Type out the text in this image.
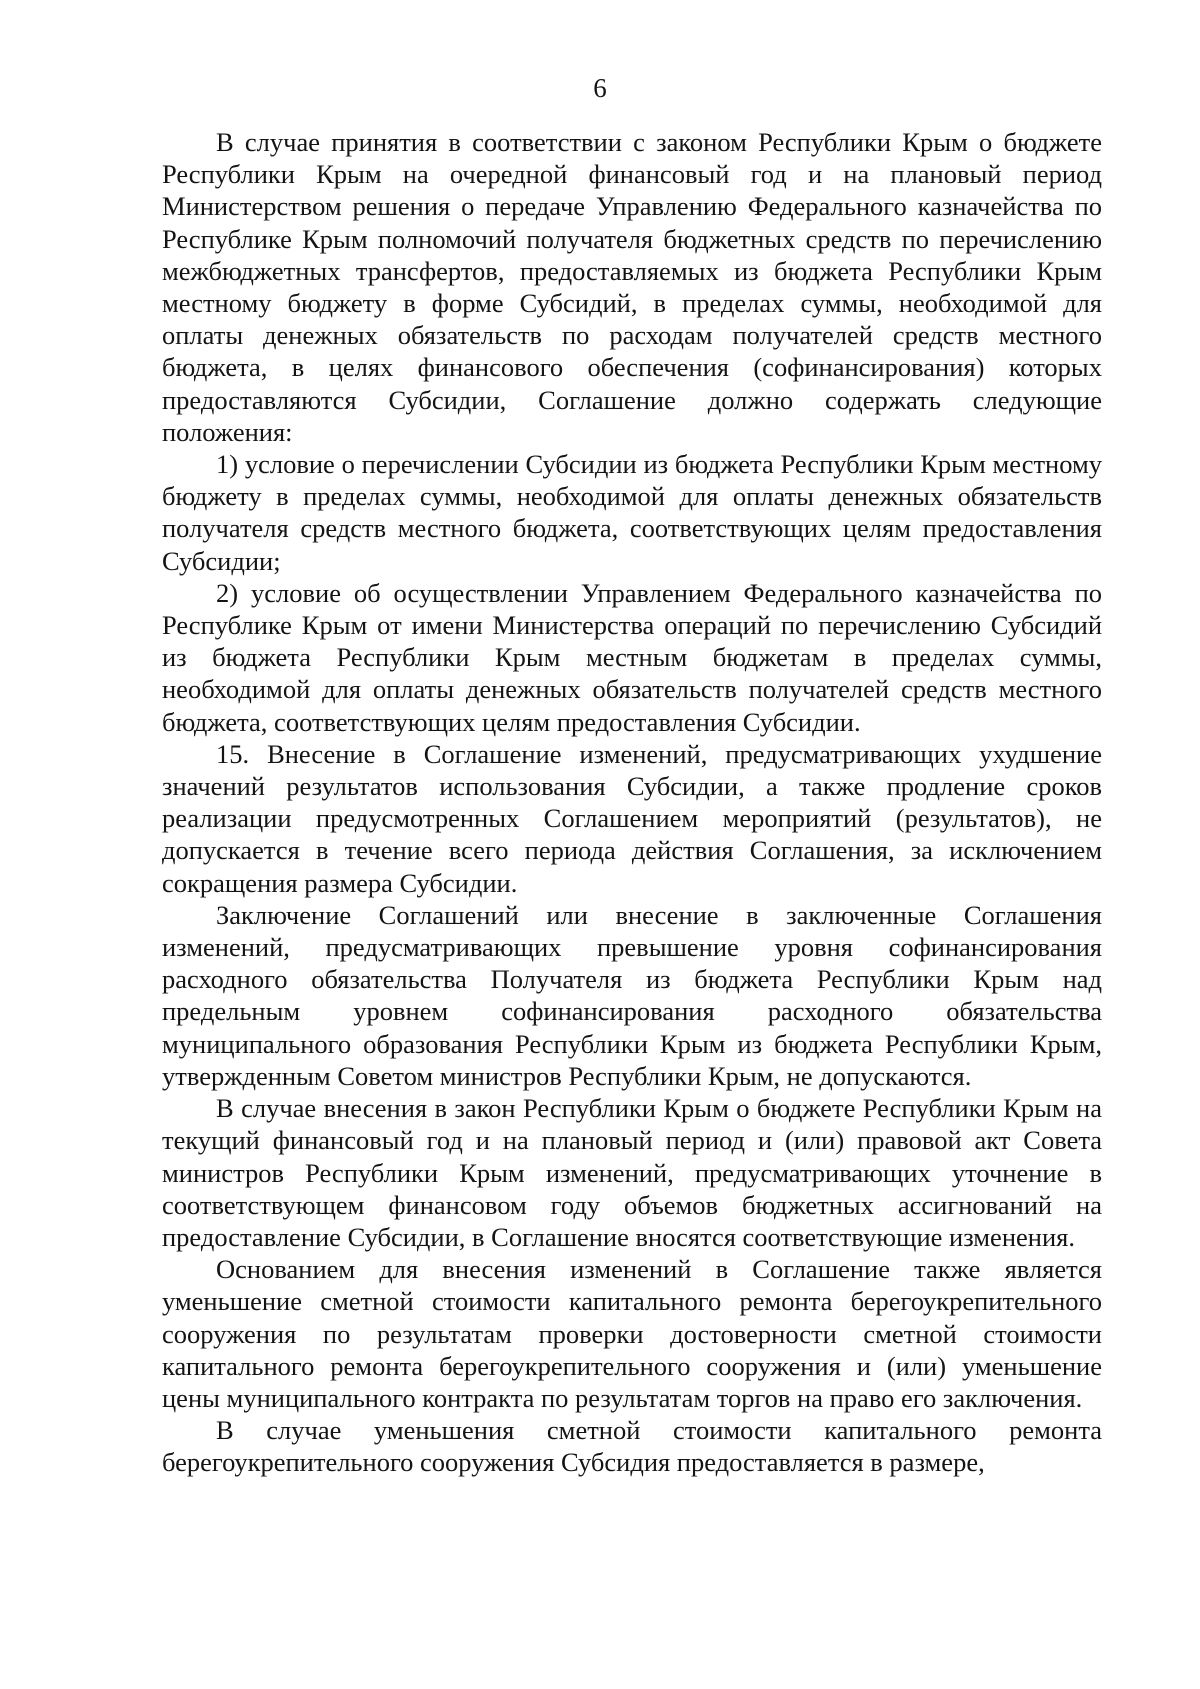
6

В случае принятия в соответствии с законом Республики Крым о бюджете Республики Крым на очередной финансовый год и на плановый период Министерством решения о передаче Управлению Федерального казначейства по Республике Крым полномочий получателя бюджетных средств по перечислению межбюджетных трансфертов, предоставляемых из бюджета Республики Крым местному бюджету в форме Субсидий, в пределах суммы, необходимой для оплаты денежных обязательств по расходам получателей средств местного бюджета, в целях финансового обеспечения (софинансирования) которых предоставляются Субсидии, Соглашение должно содержать следующие положения:

1) условие о перечислении Субсидии из бюджета Республики Крым местному бюджету в пределах суммы, необходимой для оплаты денежных обязательств получателя средств местного бюджета, соответствующих целям предоставления Субсидии;

2) условие об осуществлении Управлением Федерального казначейства по Республике Крым от имени Министерства операций по перечислению Субсидий из бюджета Республики Крым местным бюджетам в пределах суммы, необходимой для оплаты денежных обязательств получателей средств местного бюджета, соответствующих целям предоставления Субсидии.

15. Внесение в Соглашение изменений, предусматривающих ухудшение значений результатов использования Субсидии, а также продление сроков реализации предусмотренных Соглашением мероприятий (результатов), не допускается в течение всего периода действия Соглашения, за исключением сокращения размера Субсидии.

Заключение Соглашений или внесение в заключенные Соглашения изменений, предусматривающих превышение уровня софинансирования расходного обязательства Получателя из бюджета Республики Крым над предельным уровнем софинансирования расходного обязательства муниципального образования Республики Крым из бюджета Республики Крым, утвержденным Советом министров Республики Крым, не допускаются.

В случае внесения в закон Республики Крым о бюджете Республики Крым на текущий финансовый год и на плановый период и (или) правовой акт Совета министров Республики Крым изменений, предусматривающих уточнение в соответствующем финансовом году объемов бюджетных ассигнований на предоставление Субсидии, в Соглашение вносятся соответствующие изменения.

Основанием для внесения изменений в Соглашение также является уменьшение сметной стоимости капитального ремонта берегоукрепительного сооружения по результатам проверки достоверности сметной стоимости капитального ремонта берегоукрепительного сооружения и (или) уменьшение цены муниципального контракта по результатам торгов на право его заключения.

В случае уменьшения сметной стоимости капитального ремонта берегоукрепительного сооружения Субсидия предоставляется в размере,
